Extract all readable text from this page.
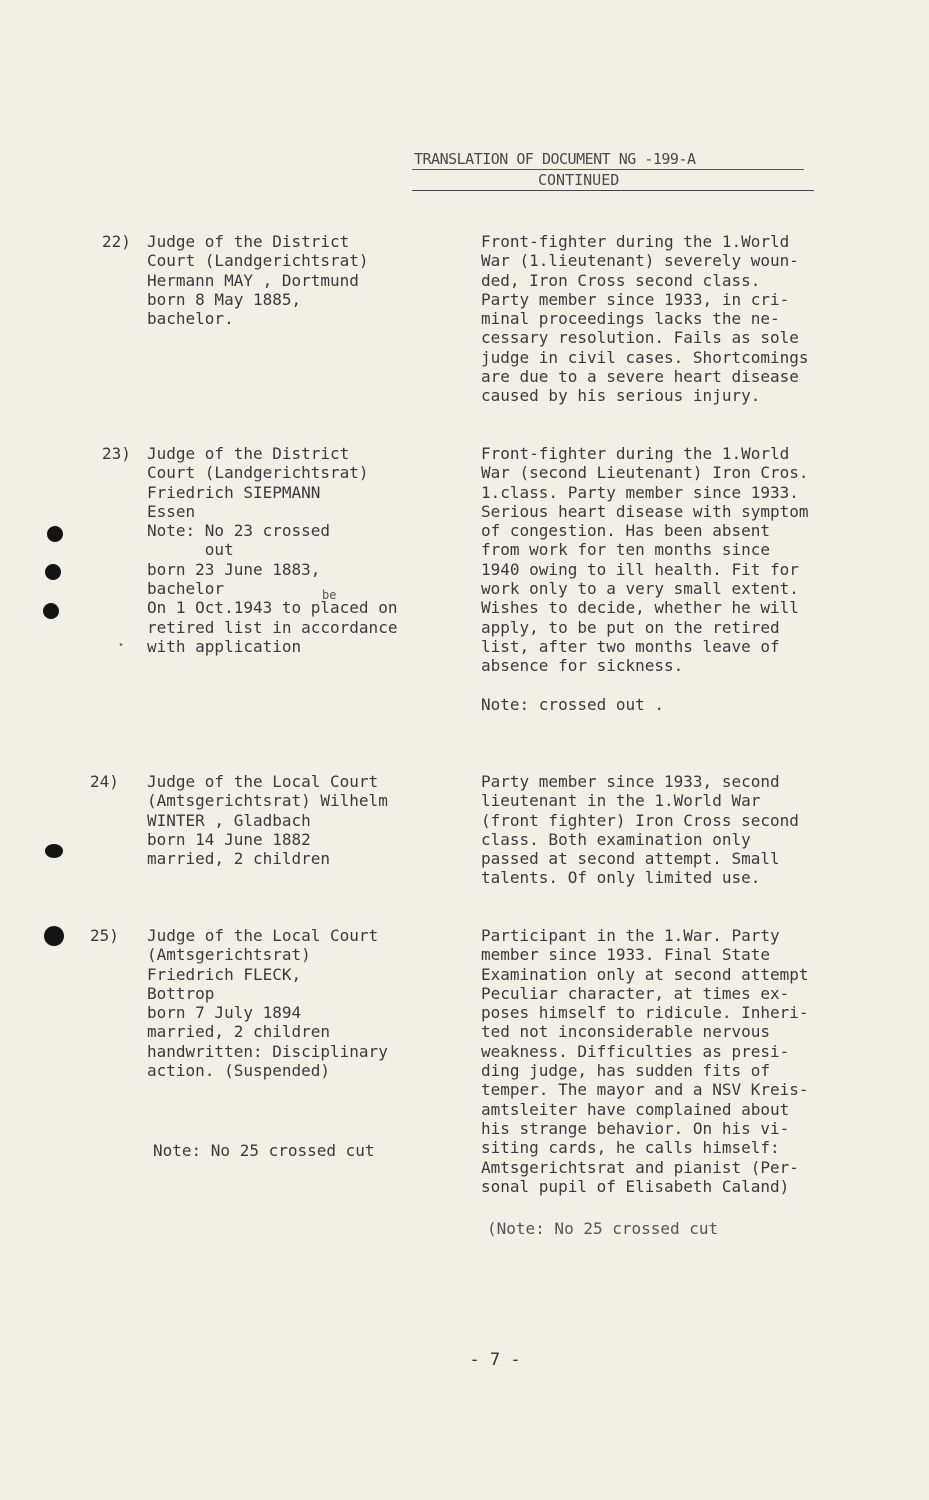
TRANSLATION OF DOCUMENT NG -199-A
CONTINUED
22) Judge of the District
Court (Landgerichtsrat)
Hermann MAY , Dortmund
born 8 May 1885,
bachelor.
Front-fighter during the 1.World
War (1.lieutenant) severely woun-
ded, Iron Cross second class.
Party member since 1933, in cri-
minal proceedings lacks the ne-
cessary resolution. Fails as sole
judge in civil cases. Shortcomings
are due to a severe heart disease
caused by his serious injury.
23) Judge of the District
Court (Landgerichtsrat)
Friedrich SIEPMANN
Essen
Note: No 23 crossed
out
born 23 June 1883,
bachelor
On 1 Oct.1943 to placed on
retired list in accordance
with application
be
Front-fighter during the 1.World
War (second Lieutenant) Iron Cros.
1.class. Party member since 1933.
Serious heart disease with symptom
of congestion. Has been absent
from work for ten months since
1940 owing to ill health. Fit for
work only to a very small extent.
Wishes to decide, whether he will
apply, to be put on the retired
list, after two months leave of
absence for sickness.
Note: crossed out .
24) Judge of the Local Court
(Amtsgerichtsrat) Wilhelm
WINTER , Gladbach
born 14 June 1882
married, 2 children
Party member since 1933, second
lieutenant in the 1.World War
(front fighter) Iron Cross second
class. Both examination only
passed at second attempt. Small
talents. Of only limited use.
25) Judge of the Local Court
(Amtsgerichtsrat)
Friedrich FLECK,
Bottrop
born 7 July 1894
married, 2 children
handwritten: Disciplinary
action. (Suspended)
Note: No 25 crossed cut
Participant in the 1.War. Party
member since 1933. Final State
Examination only at second attempt
Peculiar character, at times ex-
poses himself to ridicule. Inheri-
ted not inconsiderable nervous
weakness. Difficulties as presi-
ding judge, has sudden fits of
temper. The mayor and a NSV Kreis-
amtsleiter have complained about
his strange behavior. On his vi-
siting cards, he calls himself:
Amtsgerichtsrat and pianist (Per-
sonal pupil of Elisabeth Caland)
(Note: No 25 crossed cut
•
- 7 -
